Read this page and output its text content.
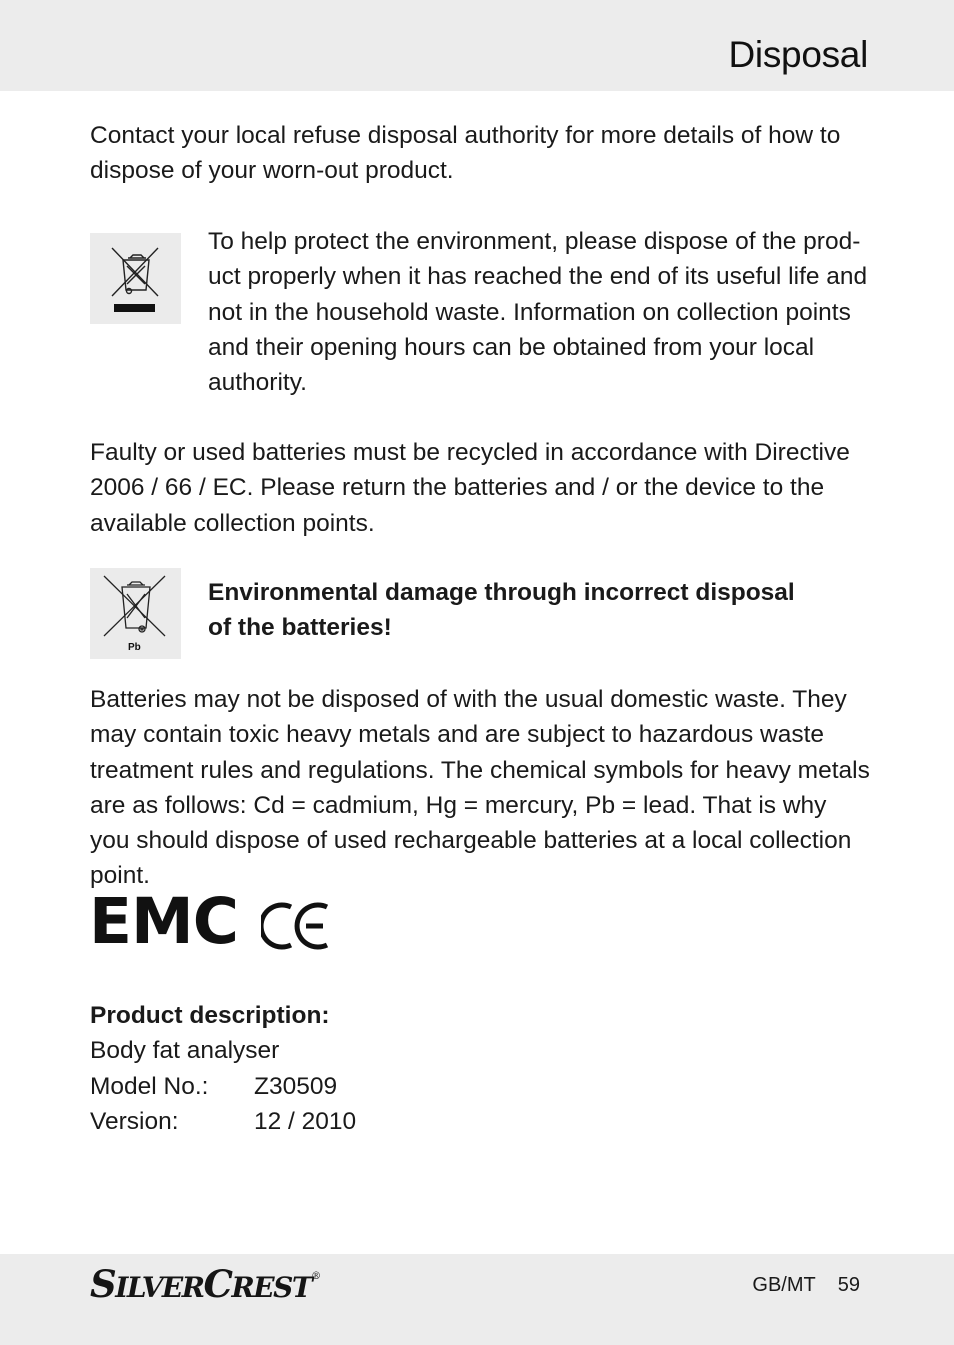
Disposal

Contact your local refuse disposal authority for more details of how to dispose of your worn-out product.

To help protect the environment, please dispose of the prod-uct properly when it has reached the end of its useful life and not in the household waste. Information on collection points and their opening hours can be obtained from your local authority.

Faulty or used batteries must be recycled in accordance with Directive 2006 / 66 / EC. Please return the batteries and / or the device to the available collection points.

Pb

Environmental damage through incorrect disposal of the batteries!

Batteries may not be disposed of with the usual domestic waste. They may contain toxic heavy metals and are subject to hazardous waste treatment rules and regulations. The chemical symbols for heavy metals are as follows: Cd = cadmium, Hg = mercury, Pb = lead. That is why you should dispose of used rechargeable batteries at a local collection point.

EMC
Product description:
Body fat analyser
Model No.:	Z30509
Version:	12 / 2010
SILVERCREST®	GB/MT 59
